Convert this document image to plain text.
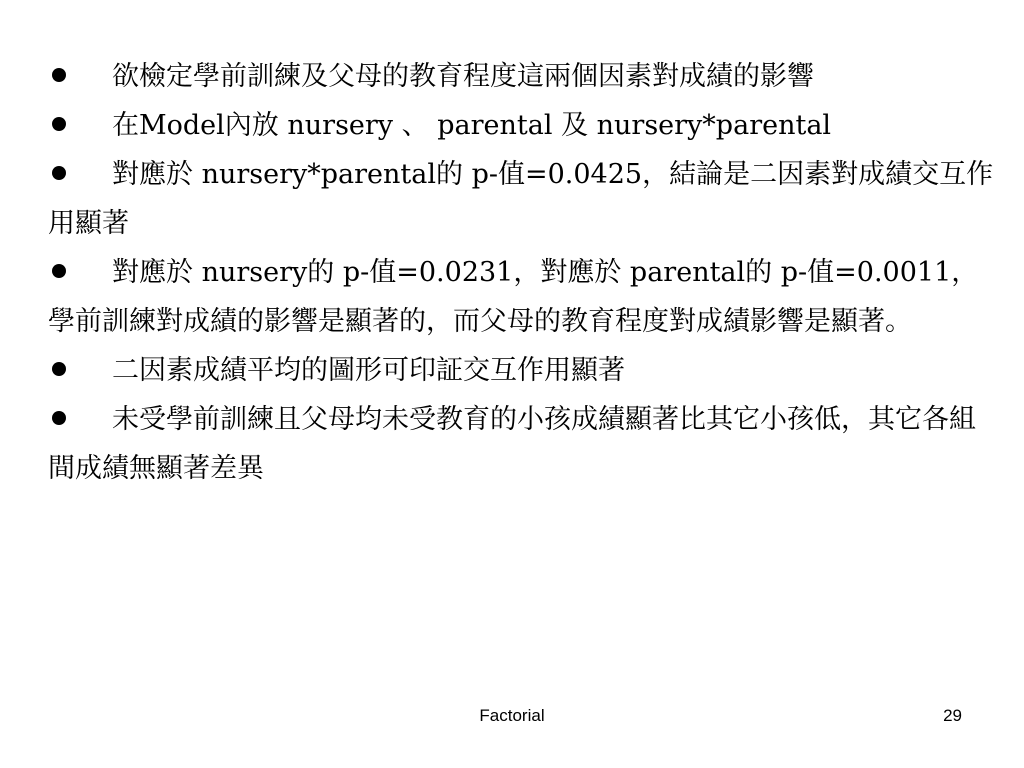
欲檢定學前訓練及父母的教育程度這兩個因素對成績的影響

在Model內放 nursery 、 parental 及 nursery*parental

對應於 nursery*parental的 p-值=0.0425，結論是二因素對成績交互作用顯著

對應於 nursery的 p-值=0.0231，對應於 parental的 p-值=0.0011，學前訓練對成績的影響是顯著的，而父母的教育程度對成績影響是顯著。

二因素成績平均的圖形可印証交互作用顯著

未受學前訓練且父母均未受教育的小孩成績顯著比其它小孩低，其它各組間成績無顯著差異

Factorial	29
